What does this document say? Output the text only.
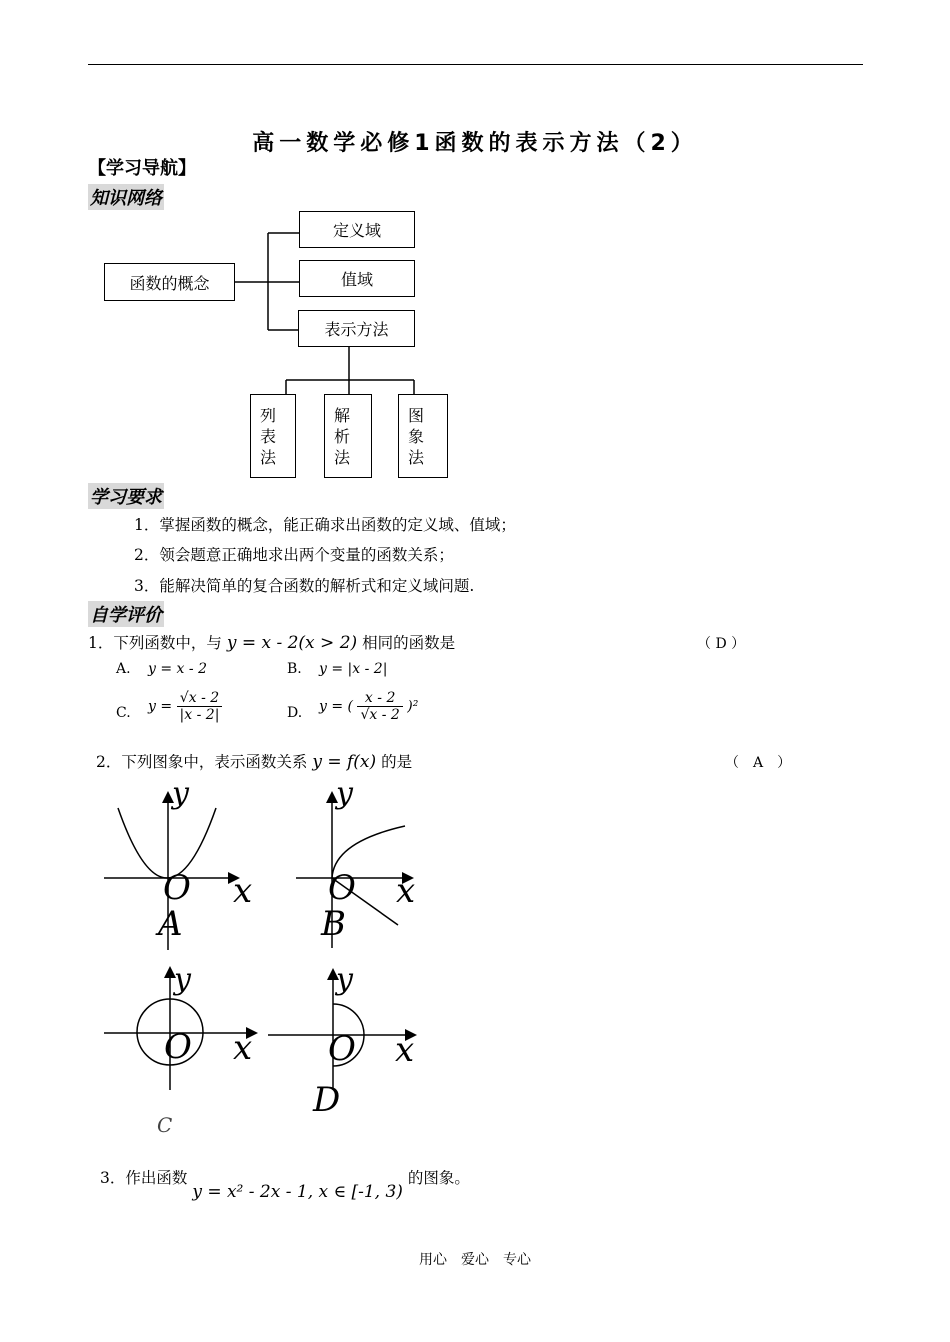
高一数学必修1函数的表示方法（2）
【学习导航】
知识网络
函数的概念
定义域
值域
表示方法
列表法
解析法
图象法
学习要求
1．掌握函数的概念，能正确求出函数的定义域、值域；
2．领会题意正确地求出两个变量的函数关系；
3．能解决简单的复合函数的解析式和定义域问题.
自学评价
1．下列函数中，与 y = x - 2(x > 2) 相同的函数是	（ D ）
A. y = x - 2	B. y = |x - 2|
C. $y = \frac{√x - 2}{|x - 2|}$	D. y = ( $\frac{x - 2}{√x - 2} )^2$
2．下列图象中，表示函数关系 y = f(x) 的是	（　A　）
y
O x
A
y
O x
B
y
O x
C
y
O x
D
3．作出函数 y = x² - 2x - 1, x ∈ [-1, 3) 的图象。
用心　爱心　专心
